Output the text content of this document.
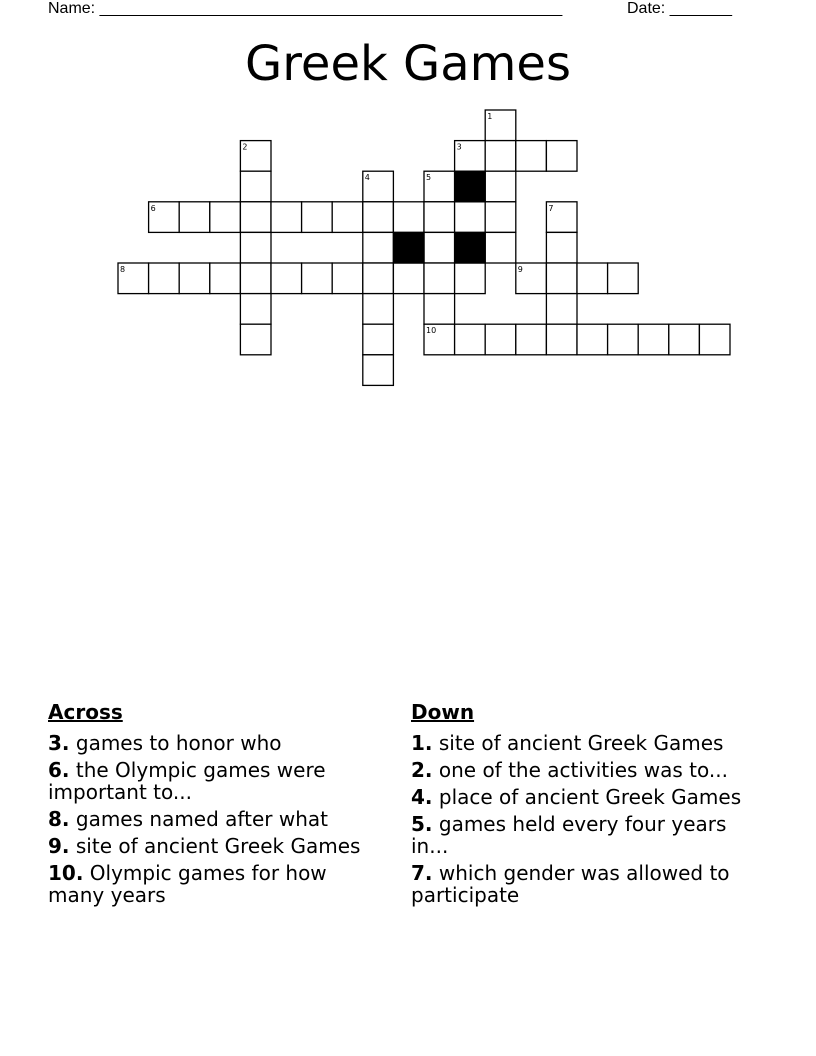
Name: ____________________________________________________	Date: _______
Greek Games
1
2	3
4	5
6	7
8	9
10
Across
3. games to honor who
6. the Olympic games were important to...
8. games named after what
9. site of ancient Greek Games
10. Olympic games for how many years
Down
1. site of ancient Greek Games
2. one of the activities was to...
4. place of ancient Greek Games
5. games held every four years in...
7. which gender was allowed to participate
